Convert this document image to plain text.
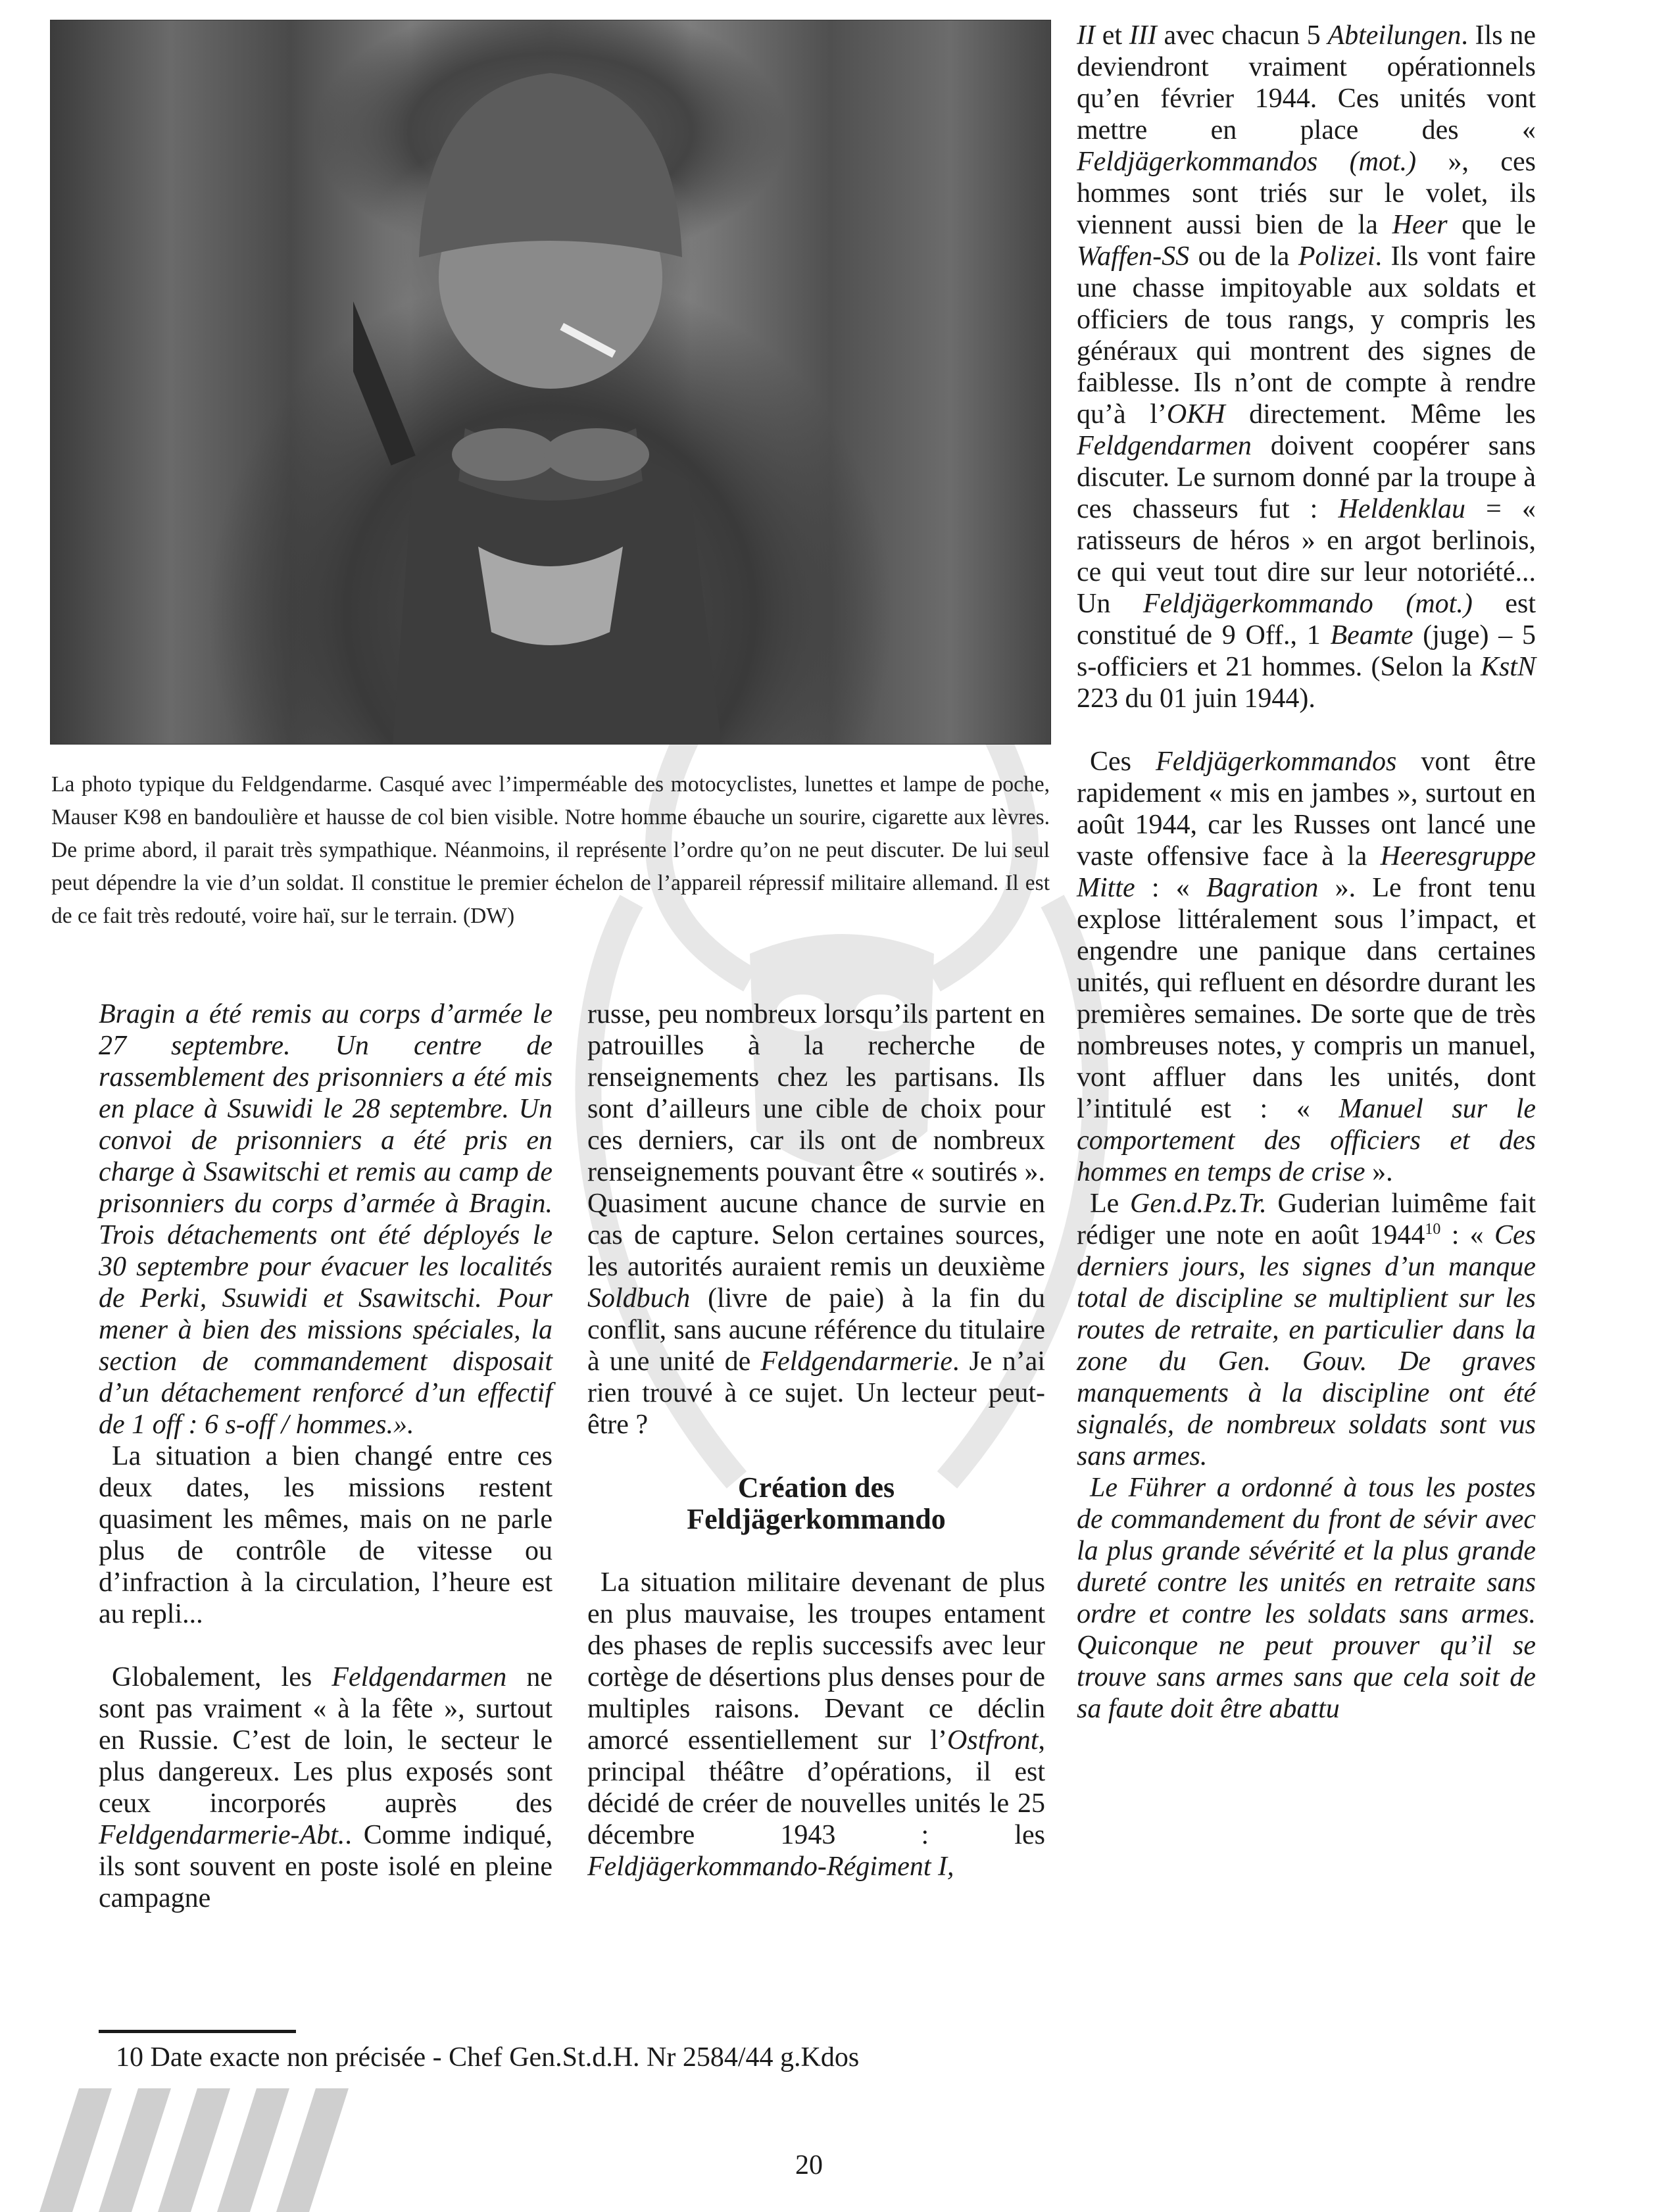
La photo typique du Feldgendarme. Casqué avec l’imperméable des motocyclistes, lunettes et lampe de poche, Mauser K98 en bandoulière et hausse de col bien visible. Notre homme ébauche un sourire, cigarette aux lèvres. De prime abord, il parait très sympathique. Néanmoins, il représente l’ordre qu’on ne peut discuter. De lui seul peut dépendre la vie d’un soldat. Il constitue le premier échelon de l’appareil répressif militaire allemand. Il est de ce fait très redouté, voire haï, sur le terrain. (DW)

Bragin a été remis au corps d’armée le 27 septembre. Un centre de rassemblement des prisonniers a été mis en place à Ssuwidi le 28 septembre. Un convoi de prisonniers a été pris en charge à Ssawitschi et remis au camp de prisonniers du corps d’armée à Bragin. Trois détachements ont été déployés le 30 septembre pour évacuer les localités de Perki, Ssuwidi et Ssawitschi. Pour mener à bien des missions spéciales, la section de commandement disposait d’un détachement renforcé d’un effectif de 1 off : 6 s-off / hommes.».

La situation a bien changé entre ces deux dates, les missions restent quasiment les mêmes, mais on ne parle plus de contrôle de vitesse ou d’infraction à la circulation, l’heure est au repli...

Globalement, les Feldgendarmen ne sont pas vraiment « à la fête », surtout en Russie. C’est de loin, le secteur le plus dangereux. Les plus exposés sont ceux incorporés auprès des Feldgendarmerie-Abt.. Comme indiqué, ils sont souvent en poste isolé en pleine campagne

russe, peu nombreux lorsqu’ils partent en patrouilles à la recherche de renseignements chez les partisans. Ils sont d’ailleurs une cible de choix pour ces derniers, car ils ont de nombreux renseignements pouvant être « soutirés ». Quasiment aucune chance de survie en cas de capture. Selon certaines sources, les autorités auraient remis un deuxième Soldbuch (livre de paie) à la fin du conflit, sans aucune référence du titulaire à une unité de Feldgendarmerie. Je n’ai rien trouvé à ce sujet. Un lecteur peut-être ?

Création des
Feldjägerkommando

La situation militaire devenant de plus en plus mauvaise, les troupes entament des phases de replis successifs avec leur cortège de désertions plus denses pour de multiples raisons. Devant ce déclin amorcé essentiellement sur l’Ostfront, principal théâtre d’opérations, il est décidé de créer de nouvelles unités le 25 décembre 1943 : les Feldjägerkommando-Régiment I,

II et III avec chacun 5 Abteilungen. Ils ne deviendront vraiment opérationnels qu’en février 1944. Ces unités vont mettre en place des « Feldjägerkommandos (mot.) », ces hommes sont triés sur le volet, ils viennent aussi bien de la Heer que le Waffen-SS ou de la Polizei. Ils vont faire une chasse impitoyable aux soldats et officiers de tous rangs, y compris les généraux qui montrent des signes de faiblesse. Ils n’ont de compte à rendre qu’à l’OKH directement. Même les Feldgendarmen doivent coopérer sans discuter. Le surnom donné par la troupe à ces chasseurs fut : Heldenklau = « ratisseurs de héros » en argot berlinois, ce qui veut tout dire sur leur notoriété... Un Feldjägerkommando (mot.) est constitué de 9 Off., 1 Beamte (juge) – 5 s-officiers et 21 hommes. (Selon la KstN 223 du 01 juin 1944).

Ces Feldjägerkommandos vont être rapidement « mis en jambes », surtout en août 1944, car les Russes ont lancé une vaste offensive face à la Heeresgruppe Mitte : « Bagration ». Le front tenu explose littéralement sous l’impact, et engendre une panique dans certaines unités, qui refluent en désordre durant les premières semaines. De sorte que de très nombreuses notes, y compris un manuel, vont affluer dans les unités, dont l’intitulé est : « Manuel sur le comportement des officiers et des hommes en temps de crise ».

Le Gen.d.Pz.Tr. Guderian luimême fait rédiger une note en août 1944$^{10}$ : « Ces derniers jours, les signes d’un manque total de discipline se multiplient sur les routes de retraite, en particulier dans la zone du Gen. Gouv. De graves manquements à la discipline ont été signalés, de nombreux soldats sont vus sans armes.

Le Führer a ordonné à tous les postes de commandement du front de sévir avec la plus grande sévérité et la plus grande dureté contre les unités en retraite sans ordre et contre les soldats sans armes. Quiconque ne peut prouver qu’il se trouve sans armes sans que cela soit de sa faute doit être abattu

10 Date exacte non précisée - Chef Gen.St.d.H. Nr 2584/44 g.Kdos
20
